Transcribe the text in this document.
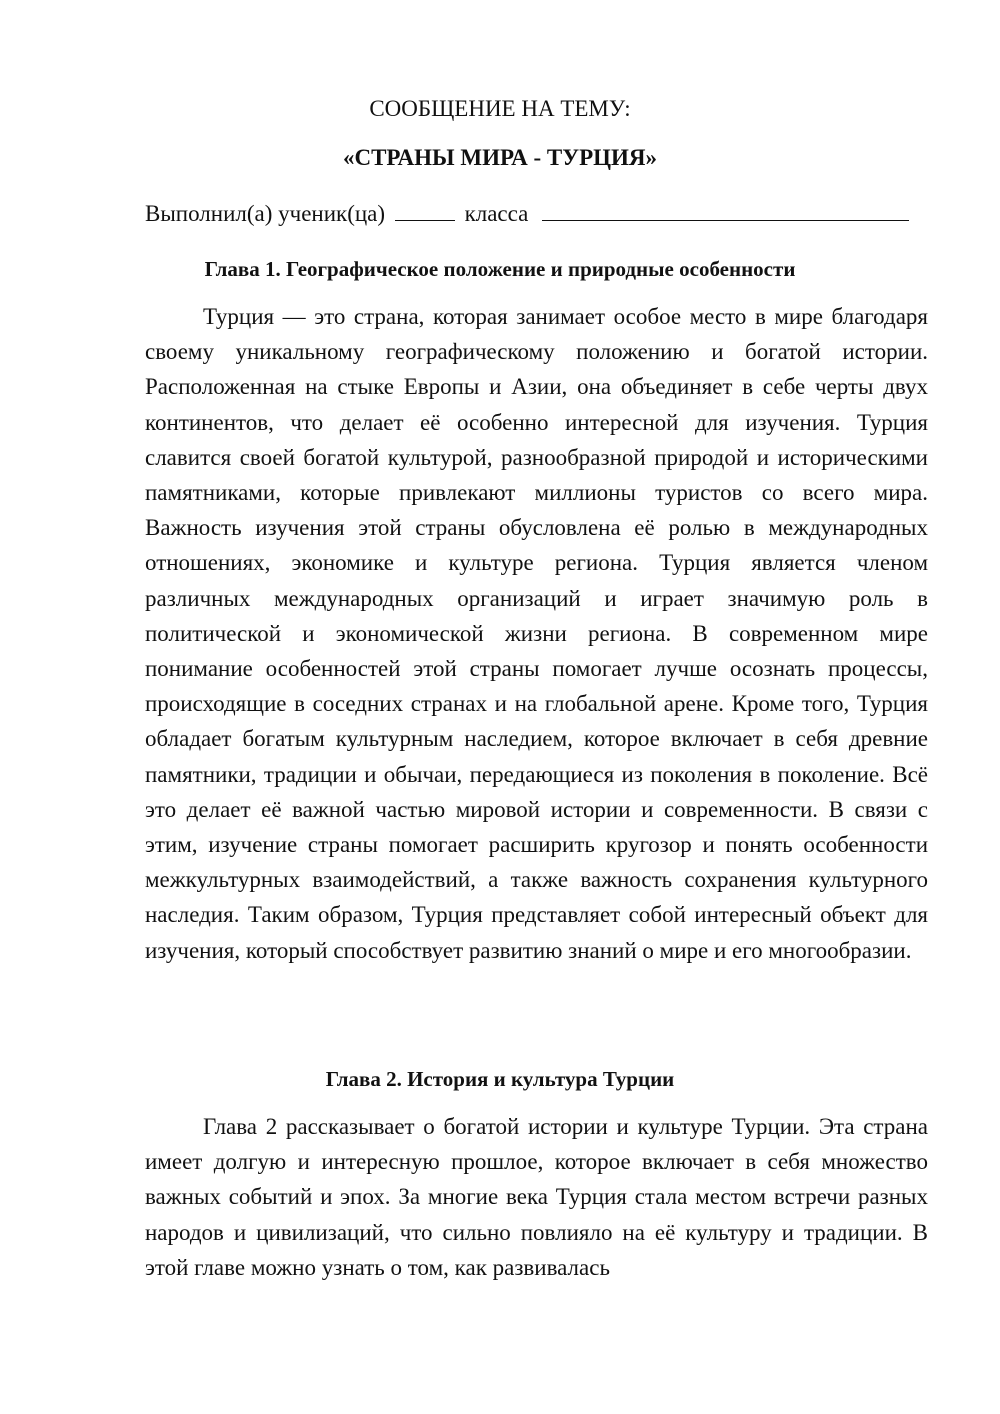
СООБЩЕНИЕ НА ТЕМУ:
«СТРАНЫ МИРА - ТУРЦИЯ»
Выполнил(а) ученик(ца)	класса
Глава 1. Географическое положение и природные особенности

Турция — это страна, которая занимает особое место в мире благодаря своему уникальному географическому положению и богатой истории. Расположенная на стыке Европы и Азии, она объединяет в себе черты двух континентов, что делает её особенно интересной для изучения. Турция славится своей богатой культурой, разнообразной природой и историческими памятниками, которые привлекают миллионы туристов со всего мира. Важность изучения этой страны обусловлена её ролью в международных отношениях, экономике и культуре региона. Турция является членом различных международных организаций и играет значимую роль в политической и экономической жизни региона. В современном мире понимание особенностей этой страны помогает лучше осознать процессы, происходящие в соседних странах и на глобальной арене. Кроме того, Турция обладает богатым культурным наследием, которое включает в себя древние памятники, традиции и обычаи, передающиеся из поколения в поколение. Всё это делает её важной частью мировой истории и современности. В связи с этим, изучение страны помогает расширить кругозор и понять особенности межкультурных взаимодействий, а также важность сохранения культурного наследия. Таким образом, Турция представляет собой интересный объект для изучения, который способствует развитию знаний о мире и его многообразии.

Глава 2. История и культура Турции

Глава 2 рассказывает о богатой истории и культуре Турции. Эта страна имеет долгую и интересную прошлое, которое включает в себя множество важных событий и эпох. За многие века Турция стала местом встречи разных народов и цивилизаций, что сильно повлияло на её культуру и традиции. В этой главе можно узнать о том, как развивалась
